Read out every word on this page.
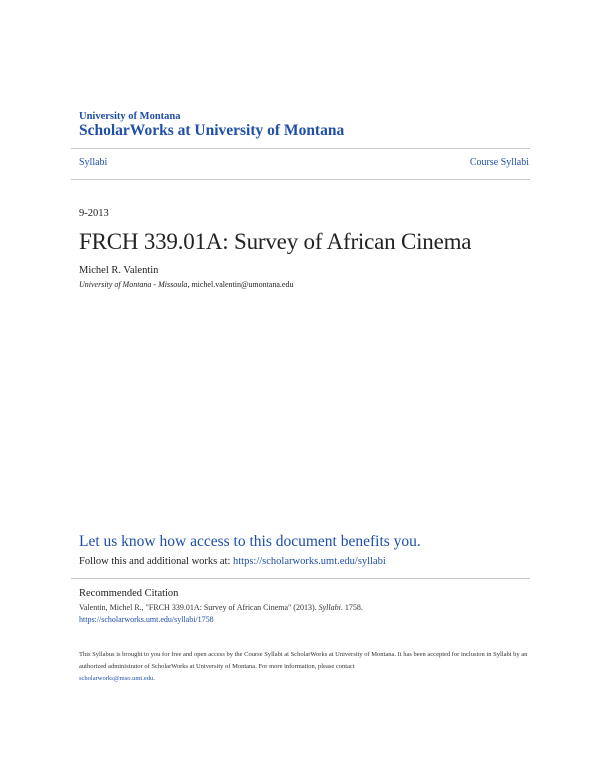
University of Montana
ScholarWorks at University of Montana
Syllabi	Course Syllabi
9-2013
FRCH 339.01A: Survey of African Cinema
Michel R. Valentin
University of Montana - Missoula, michel.valentin@umontana.edu
Let us know how access to this document benefits you.
Follow this and additional works at: https://scholarworks.umt.edu/syllabi
Recommended Citation
Valentin, Michel R., "FRCH 339.01A: Survey of African Cinema" (2013). Syllabi. 1758.
https://scholarworks.umt.edu/syllabi/1758
This Syllabus is brought to you for free and open access by the Course Syllabi at ScholarWorks at University of Montana. It has been accepted for inclusion in Syllabi by an authorized administrator of ScholarWorks at University of Montana. For more information, please contact
scholarworks@mso.umt.edu.
